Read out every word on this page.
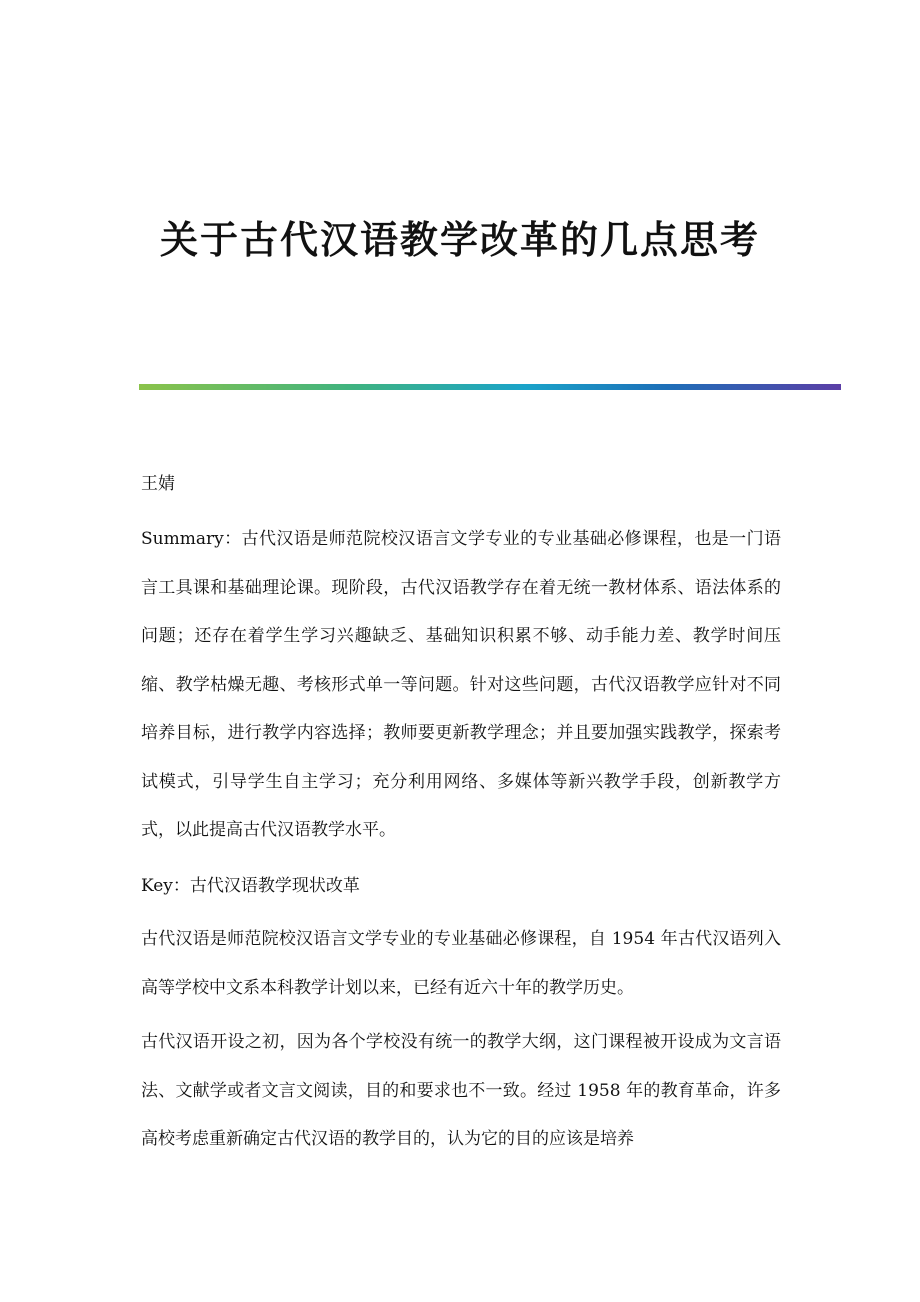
关于古代汉语教学改革的几点思考

王婧

Summary：古代汉语是师范院校汉语言文学专业的专业基础必修课程，也是一门语言工具课和基础理论课。现阶段，古代汉语教学存在着无统一教材体系、语法体系的问题；还存在着学生学习兴趣缺乏、基础知识积累不够、动手能力差、教学时间压缩、教学枯燥无趣、考核形式单一等问题。针对这些问题，古代汉语教学应针对不同培养目标，进行教学内容选择；教师要更新教学理念；并且要加强实践教学，探索考试模式，引导学生自主学习；充分利用网络、多媒体等新兴教学手段，创新教学方式，以此提高古代汉语教学水平。

Key：古代汉语教学现状改革

古代汉语是师范院校汉语言文学专业的专业基础必修课程，自 1954 年古代汉语列入高等学校中文系本科教学计划以来，已经有近六十年的教学历史。

古代汉语开设之初，因为各个学校没有统一的教学大纲，这门课程被开设成为文言语法、文献学或者文言文阅读，目的和要求也不一致。经过 1958 年的教育革命，许多高校考虑重新确定古代汉语的教学目的，认为它的目的应该是培养
